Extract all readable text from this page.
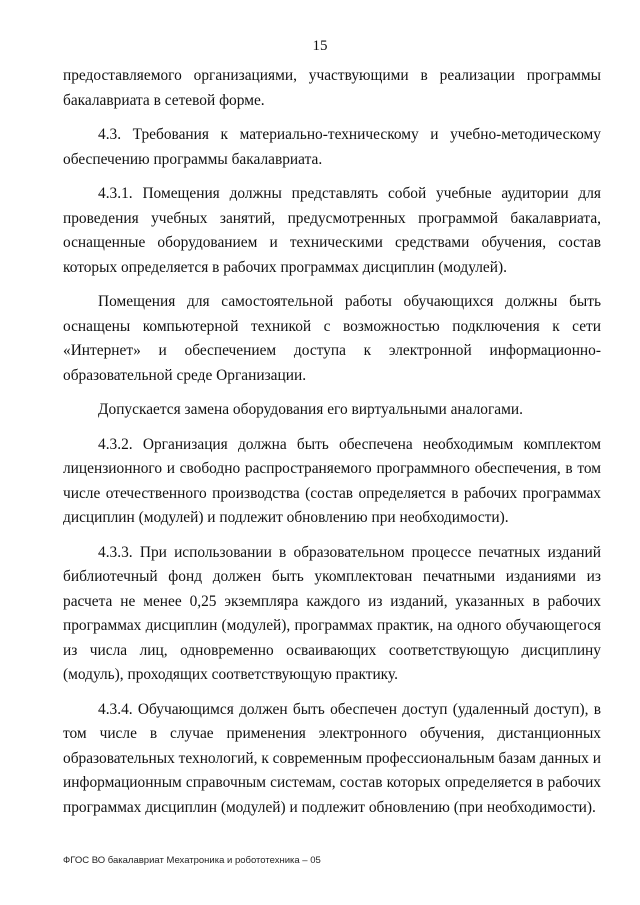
15

предоставляемого организациями, участвующими в реализации программы бакалавриата в сетевой форме.

4.3. Требования к материально-техническому и учебно-методическому обеспечению программы бакалавриата.

4.3.1. Помещения должны представлять собой учебные аудитории для проведения учебных занятий, предусмотренных программой бакалавриата, оснащенные оборудованием и техническими средствами обучения, состав которых определяется в рабочих программах дисциплин (модулей).

Помещения для самостоятельной работы обучающихся должны быть оснащены компьютерной техникой с возможностью подключения к сети «Интернет» и обеспечением доступа к электронной информационно-образовательной среде Организации.

Допускается замена оборудования его виртуальными аналогами.

4.3.2. Организация должна быть обеспечена необходимым комплектом лицензионного и свободно распространяемого программного обеспечения, в том числе отечественного производства (состав определяется в рабочих программах дисциплин (модулей) и подлежит обновлению при необходимости).

4.3.3. При использовании в образовательном процессе печатных изданий библиотечный фонд должен быть укомплектован печатными изданиями из расчета не менее 0,25 экземпляра каждого из изданий, указанных в рабочих программах дисциплин (модулей), программах практик, на одного обучающегося из числа лиц, одновременно осваивающих соответствующую дисциплину (модуль), проходящих соответствующую практику.

4.3.4. Обучающимся должен быть обеспечен доступ (удаленный доступ), в том числе в случае применения электронного обучения, дистанционных образовательных технологий, к современным профессиональным базам данных и информационным справочным системам, состав которых определяется в рабочих программах дисциплин (модулей) и подлежит обновлению (при необходимости).

ФГОС ВО бакалавриат Мехатроника и робототехника – 05
